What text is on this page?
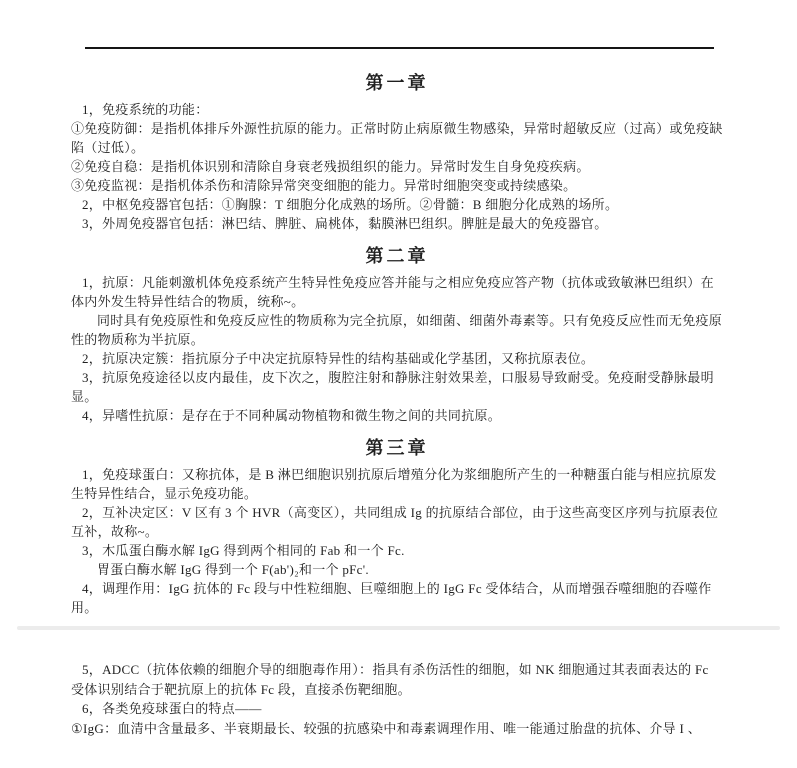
第一章

1，免疫系统的功能：

①免疫防御：是指机体排斥外源性抗原的能力。正常时防止病原微生物感染，异常时超敏反应（过高）或免疫缺陷（过低）。

②免疫自稳：是指机体识别和清除自身衰老残损组织的能力。异常时发生自身免疫疾病。

③免疫监视：是指机体杀伤和清除异常突变细胞的能力。异常时细胞突变或持续感染。

2，中枢免疫器官包括：①胸腺：T 细胞分化成熟的场所。②骨髓：B 细胞分化成熟的场所。

3，外周免疫器官包括：淋巴结、脾脏、扁桃体，黏膜淋巴组织。脾脏是最大的免疫器官。

第二章

1，抗原：凡能刺激机体免疫系统产生特异性免疫应答并能与之相应免疫应答产物（抗体或致敏淋巴组织）在体内外发生特异性结合的物质，统称~。

同时具有免疫原性和免疫反应性的物质称为完全抗原，如细菌、细菌外毒素等。只有免疫反应性而无免疫原性的物质称为半抗原。

2，抗原决定簇：指抗原分子中决定抗原特异性的结构基础或化学基团，又称抗原表位。

3，抗原免疫途径以皮内最佳，皮下次之，腹腔注射和静脉注射效果差，口服易导致耐受。免疫耐受静脉最明显。

4，异嗜性抗原：是存在于不同种属动物植物和微生物之间的共同抗原。

第三章

1，免疫球蛋白：又称抗体，是 B 淋巴细胞识别抗原后增殖分化为浆细胞所产生的一种糖蛋白能与相应抗原发生特异性结合，显示免疫功能。

2，互补决定区：V 区有 3 个 HVR（高变区），共同组成 Ig 的抗原结合部位，由于这些高变区序列与抗原表位互补，故称~。

3，木瓜蛋白酶水解 IgG 得到两个相同的 Fab 和一个 Fc.

胃蛋白酶水解 IgG 得到一个 F(ab')₂和一个 pFc'.

4，调理作用：IgG 抗体的 Fc 段与中性粒细胞、巨噬细胞上的 IgG Fc 受体结合，从而增强吞噬细胞的吞噬作用。

5，ADCC（抗体依赖的细胞介导的细胞毒作用）：指具有杀伤活性的细胞，如 NK 细胞通过其表面表达的 Fc 受体识别结合于靶抗原上的抗体 Fc 段，直接杀伤靶细胞。

6，各类免疫球蛋白的特点——

①IgG：血清中含量最多、半衰期最长、较强的抗感染中和毒素调理作用、唯一能通过胎盘的抗体、介导 I 、
